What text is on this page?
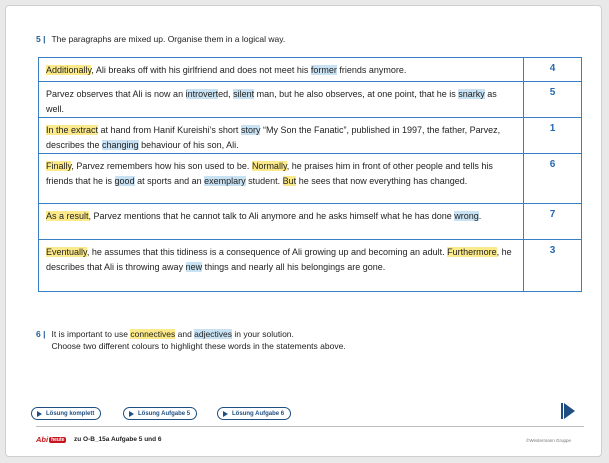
5 | The paragraphs are mixed up. Organise them in a logical way.
Additionally, Ali breaks off with his girlfriend and does not meet his former friends anymore.	4
Parvez observes that Ali is now an introverted, silent man, but he also observes, at one point, that he is snarky as well.	5
In the extract at hand from Hanif Kureishi’s short story “My Son the Fanatic”, published in 1997, the father, Parvez, describes the changing behaviour of his son, Ali.	1
Finally, Parvez remembers how his son used to be. Normally, he praises him in front of other people and tells his friends that he is good at sports and an exemplary student. But he sees that now everything has changed.	6
As a result, Parvez mentions that he cannot talk to Ali anymore and he asks himself what he has done wrong.	7
Eventually, he assumes that this tidiness is a consequence of Ali growing up and becoming an adult. Furthermore, he describes that Ali is throwing away new things and nearly all his belongings are gone.	3
6 | It is important to use connectives and adjectives in your solution.
Choose two different colours to highlight these words in the statements above.
Lösung komplett	Lösung Aufgabe 5	Lösung Aufgabe 6
Abi heute	zu O-B_15a Aufgabe 5 und 6	©Westermann Gruppe
